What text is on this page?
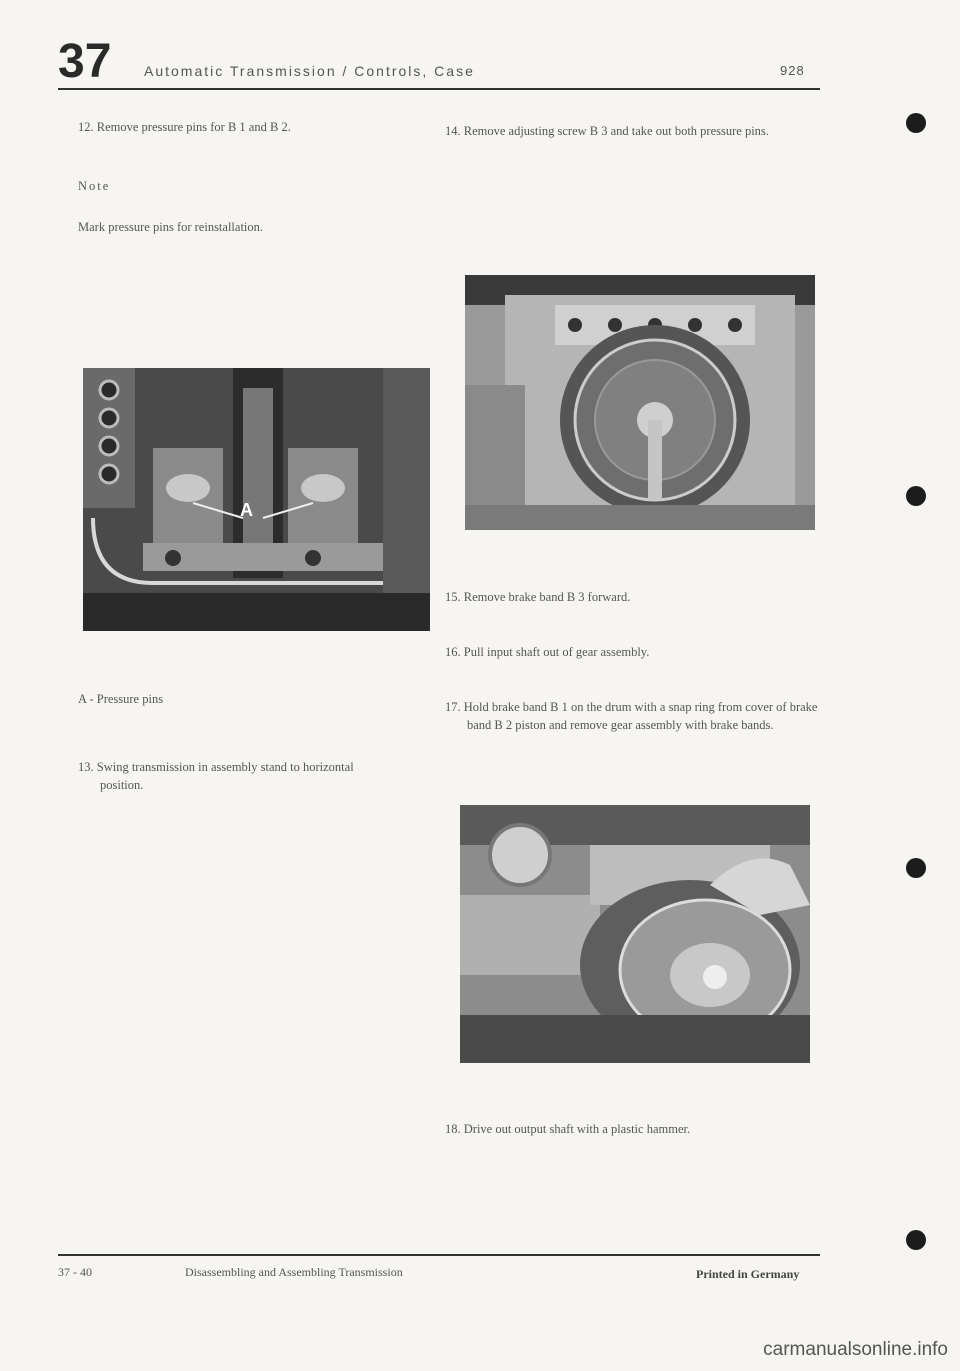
37 Automatic Transmission / Controls, Case	928
12. Remove pressure pins for B 1 and B 2.
Note
Mark pressure pins for reinstallation.
A
A - Pressure pins
13. Swing transmission in assembly stand to horizontal position.
14. Remove adjusting screw B 3 and take out both pressure pins.
15. Remove brake band B 3 forward.
16. Pull input shaft out of gear assembly.
17. Hold brake band B 1 on the drum with a snap ring from cover of brake band B 2 piston and remove gear assembly with brake bands.
18. Drive out output shaft with a plastic hammer.
37 - 40	Disassembling and Assembling Transmission	Printed in Germany
carmanualsonline.info
